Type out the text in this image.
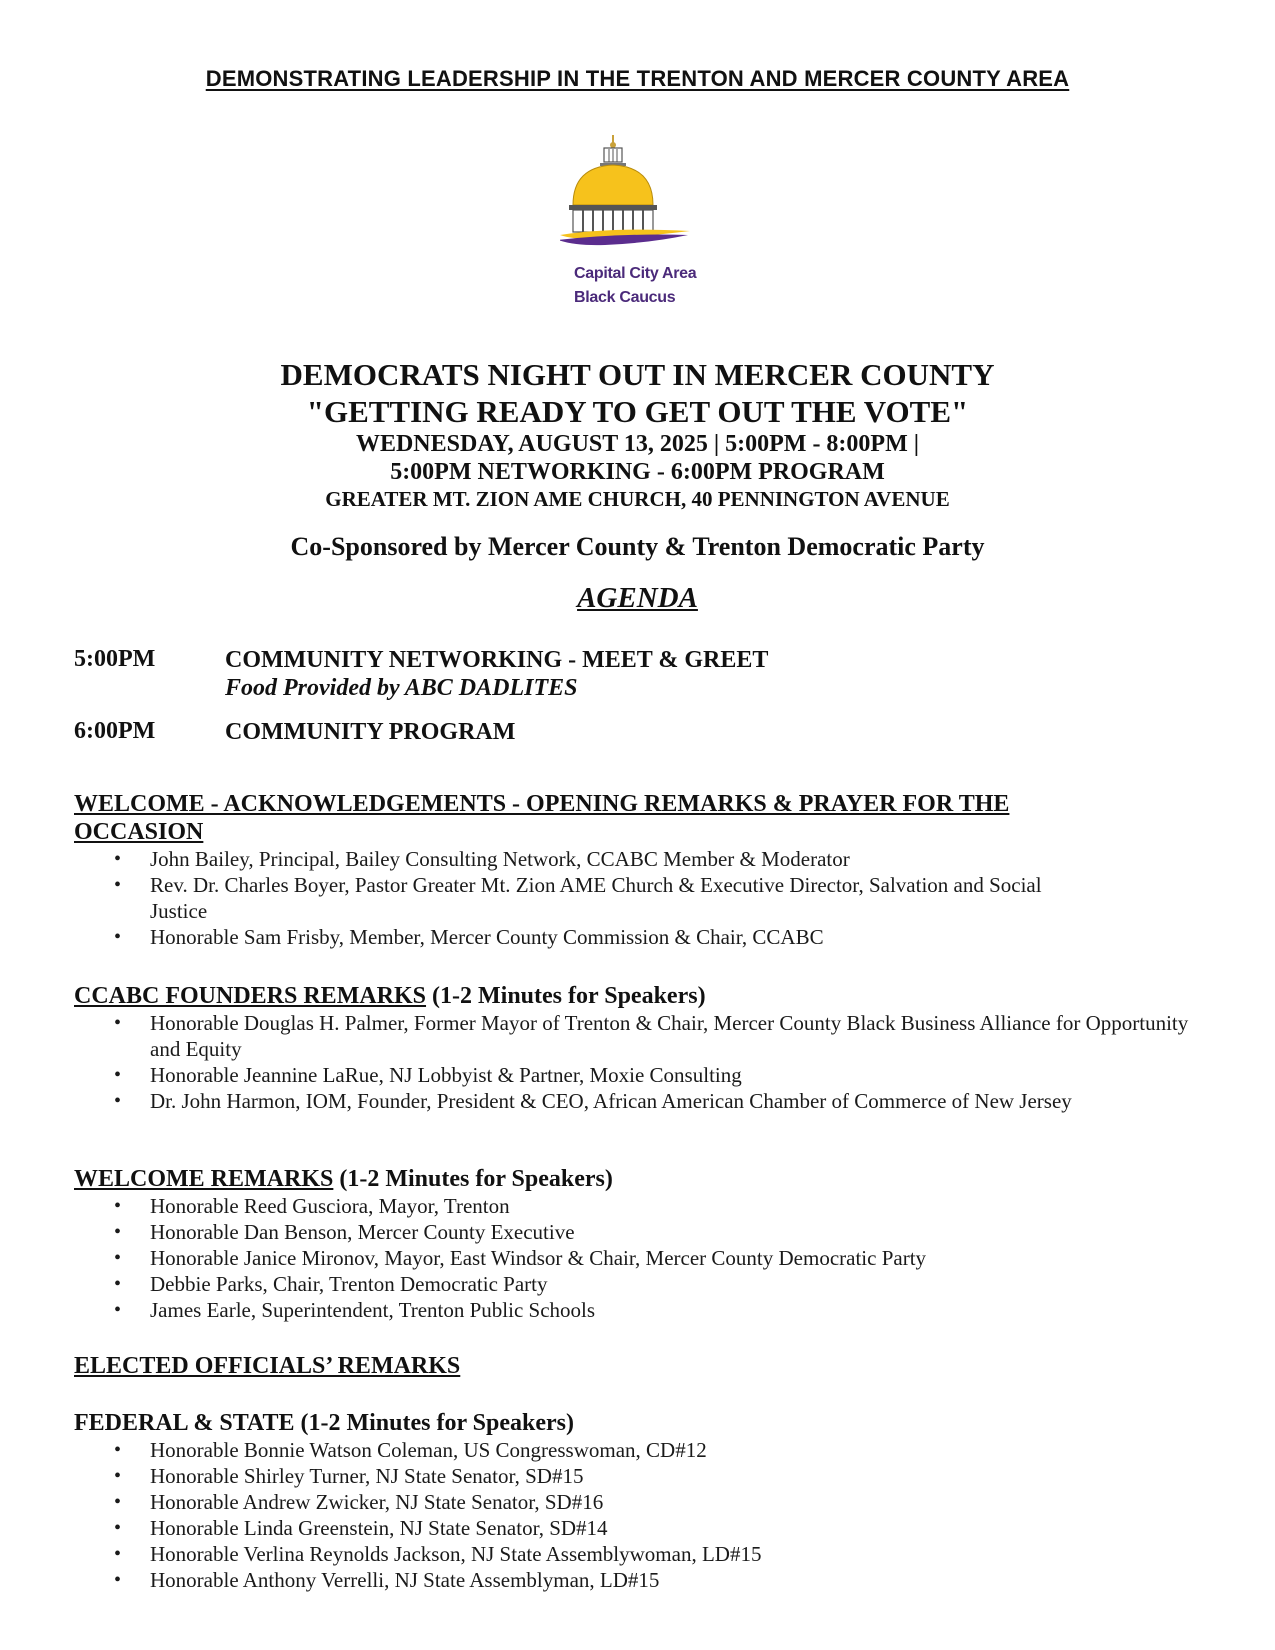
DEMONSTRATING LEADERSHIP IN THE TRENTON AND MERCER COUNTY AREA
Capital City Area
Black Caucus
DEMOCRATS NIGHT OUT IN MERCER COUNTY
"GETTING READY TO GET OUT THE VOTE"
WEDNESDAY, AUGUST 13, 2025 | 5:00PM - 8:00PM |
5:00PM NETWORKING - 6:00PM PROGRAM
GREATER MT. ZION AME CHURCH, 40 PENNINGTON AVENUE
Co-Sponsored by Mercer County & Trenton Democratic Party
AGENDA
5:00PM	COMMUNITY NETWORKING - MEET & GREET
Food Provided by ABC DADLITES
6:00PM	COMMUNITY PROGRAM
WELCOME - ACKNOWLEDGEMENTS - OPENING REMARKS & PRAYER FOR THE OCCASION
• John Bailey, Principal, Bailey Consulting Network, CCABC Member & Moderator
• Rev. Dr. Charles Boyer, Pastor Greater Mt. Zion AME Church & Executive Director, Salvation and Social Justice
• Honorable Sam Frisby, Member, Mercer County Commission & Chair, CCABC
CCABC FOUNDERS REMARKS (1-2 Minutes for Speakers)
• Honorable Douglas H. Palmer, Former Mayor of Trenton & Chair, Mercer County Black Business Alliance for Opportunity and Equity
• Honorable Jeannine LaRue, NJ Lobbyist & Partner, Moxie Consulting
• Dr. John Harmon, IOM, Founder, President & CEO, African American Chamber of Commerce of New Jersey
WELCOME REMARKS (1-2 Minutes for Speakers)
• Honorable Reed Gusciora, Mayor, Trenton
• Honorable Dan Benson, Mercer County Executive
• Honorable Janice Mironov, Mayor, East Windsor & Chair, Mercer County Democratic Party
• Debbie Parks, Chair, Trenton Democratic Party
• James Earle, Superintendent, Trenton Public Schools
ELECTED OFFICIALS’ REMARKS
FEDERAL & STATE (1-2 Minutes for Speakers)
• Honorable Bonnie Watson Coleman, US Congresswoman, CD#12
• Honorable Shirley Turner, NJ State Senator, SD#15
• Honorable Andrew Zwicker, NJ State Senator, SD#16
• Honorable Linda Greenstein, NJ State Senator, SD#14
• Honorable Verlina Reynolds Jackson, NJ State Assemblywoman, LD#15
• Honorable Anthony Verrelli, NJ State Assemblyman, LD#15
